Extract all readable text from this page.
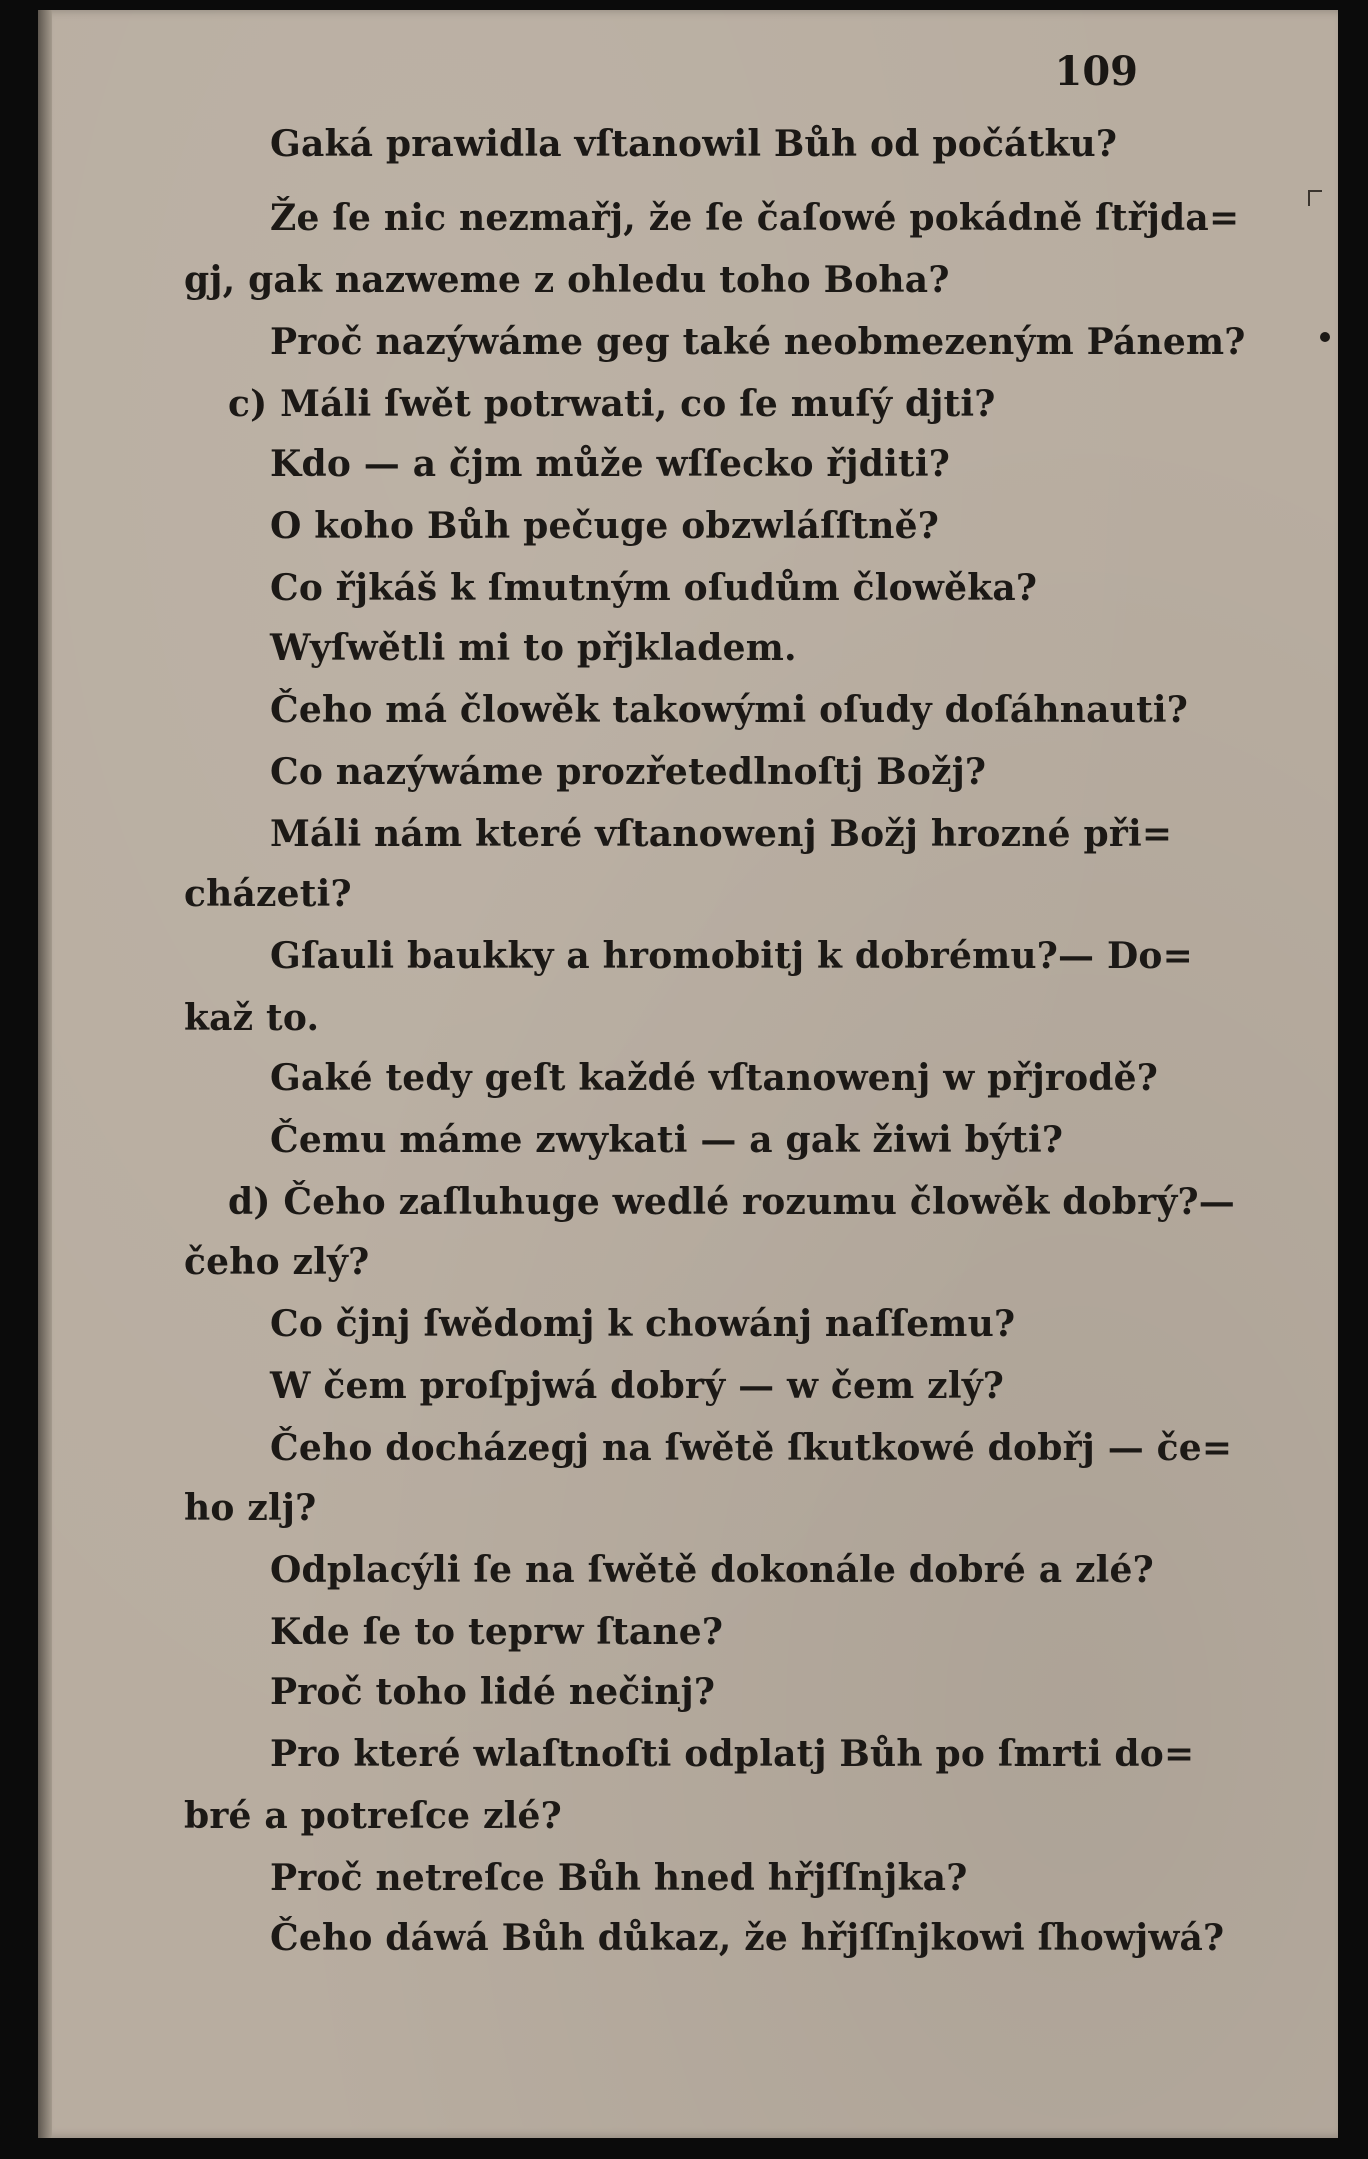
109
Gaká prawidla vſtanowil Bůh od počátku?
Že ſe nic nezmařj, že ſe čaſowé pokádně ſtřjda=
gj, gak nazweme z ohledu toho Boha?
Proč nazýwáme geg také neobmezeným Pánem?
c) Máli ſwět potrwati, co ſe muſý djti?
Kdo — a čjm může wſſecko řjditi?
O koho Bůh pečuge obzwláſſtně?
Co řjkáš k ſmutným oſudům člowěka?
Wyſwětli mi to přjkladem.
Čeho má člowěk takowými oſudy doſáhnauti?
Co nazýwáme prozřetedlnoſtj Božj?
Máli nám které vſtanowenj Božj hrozné při=
cházeti?
Gſauli baukky a hromobitj k dobrému?— Do=
kaž to.
Gaké tedy geſt každé vſtanowenj w přjrodě?
Čemu máme zwykati — a gak žiwi býti?
d) Čeho zaſluhuge wedlé rozumu člowěk dobrý?—
čeho zlý?
Co čjnj ſwědomj k chowánj naſſemu?
W čem proſpjwá dobrý — w čem zlý?
Čeho docházegj na ſwětě ſkutkowé dobřj — če=
ho zlj?
Odplacýli ſe na ſwětě dokonále dobré a zlé?
Kde ſe to teprw ſtane?
Proč toho lidé nečinj?
Pro které wlaſtnoſti odplatj Bůh po ſmrti do=
bré a potreſce zlé?
Proč netreſce Bůh hned hřjſſnjka?
Čeho dáwá Bůh důkaz, že hřjſſnjkowi ſhowjwá?
